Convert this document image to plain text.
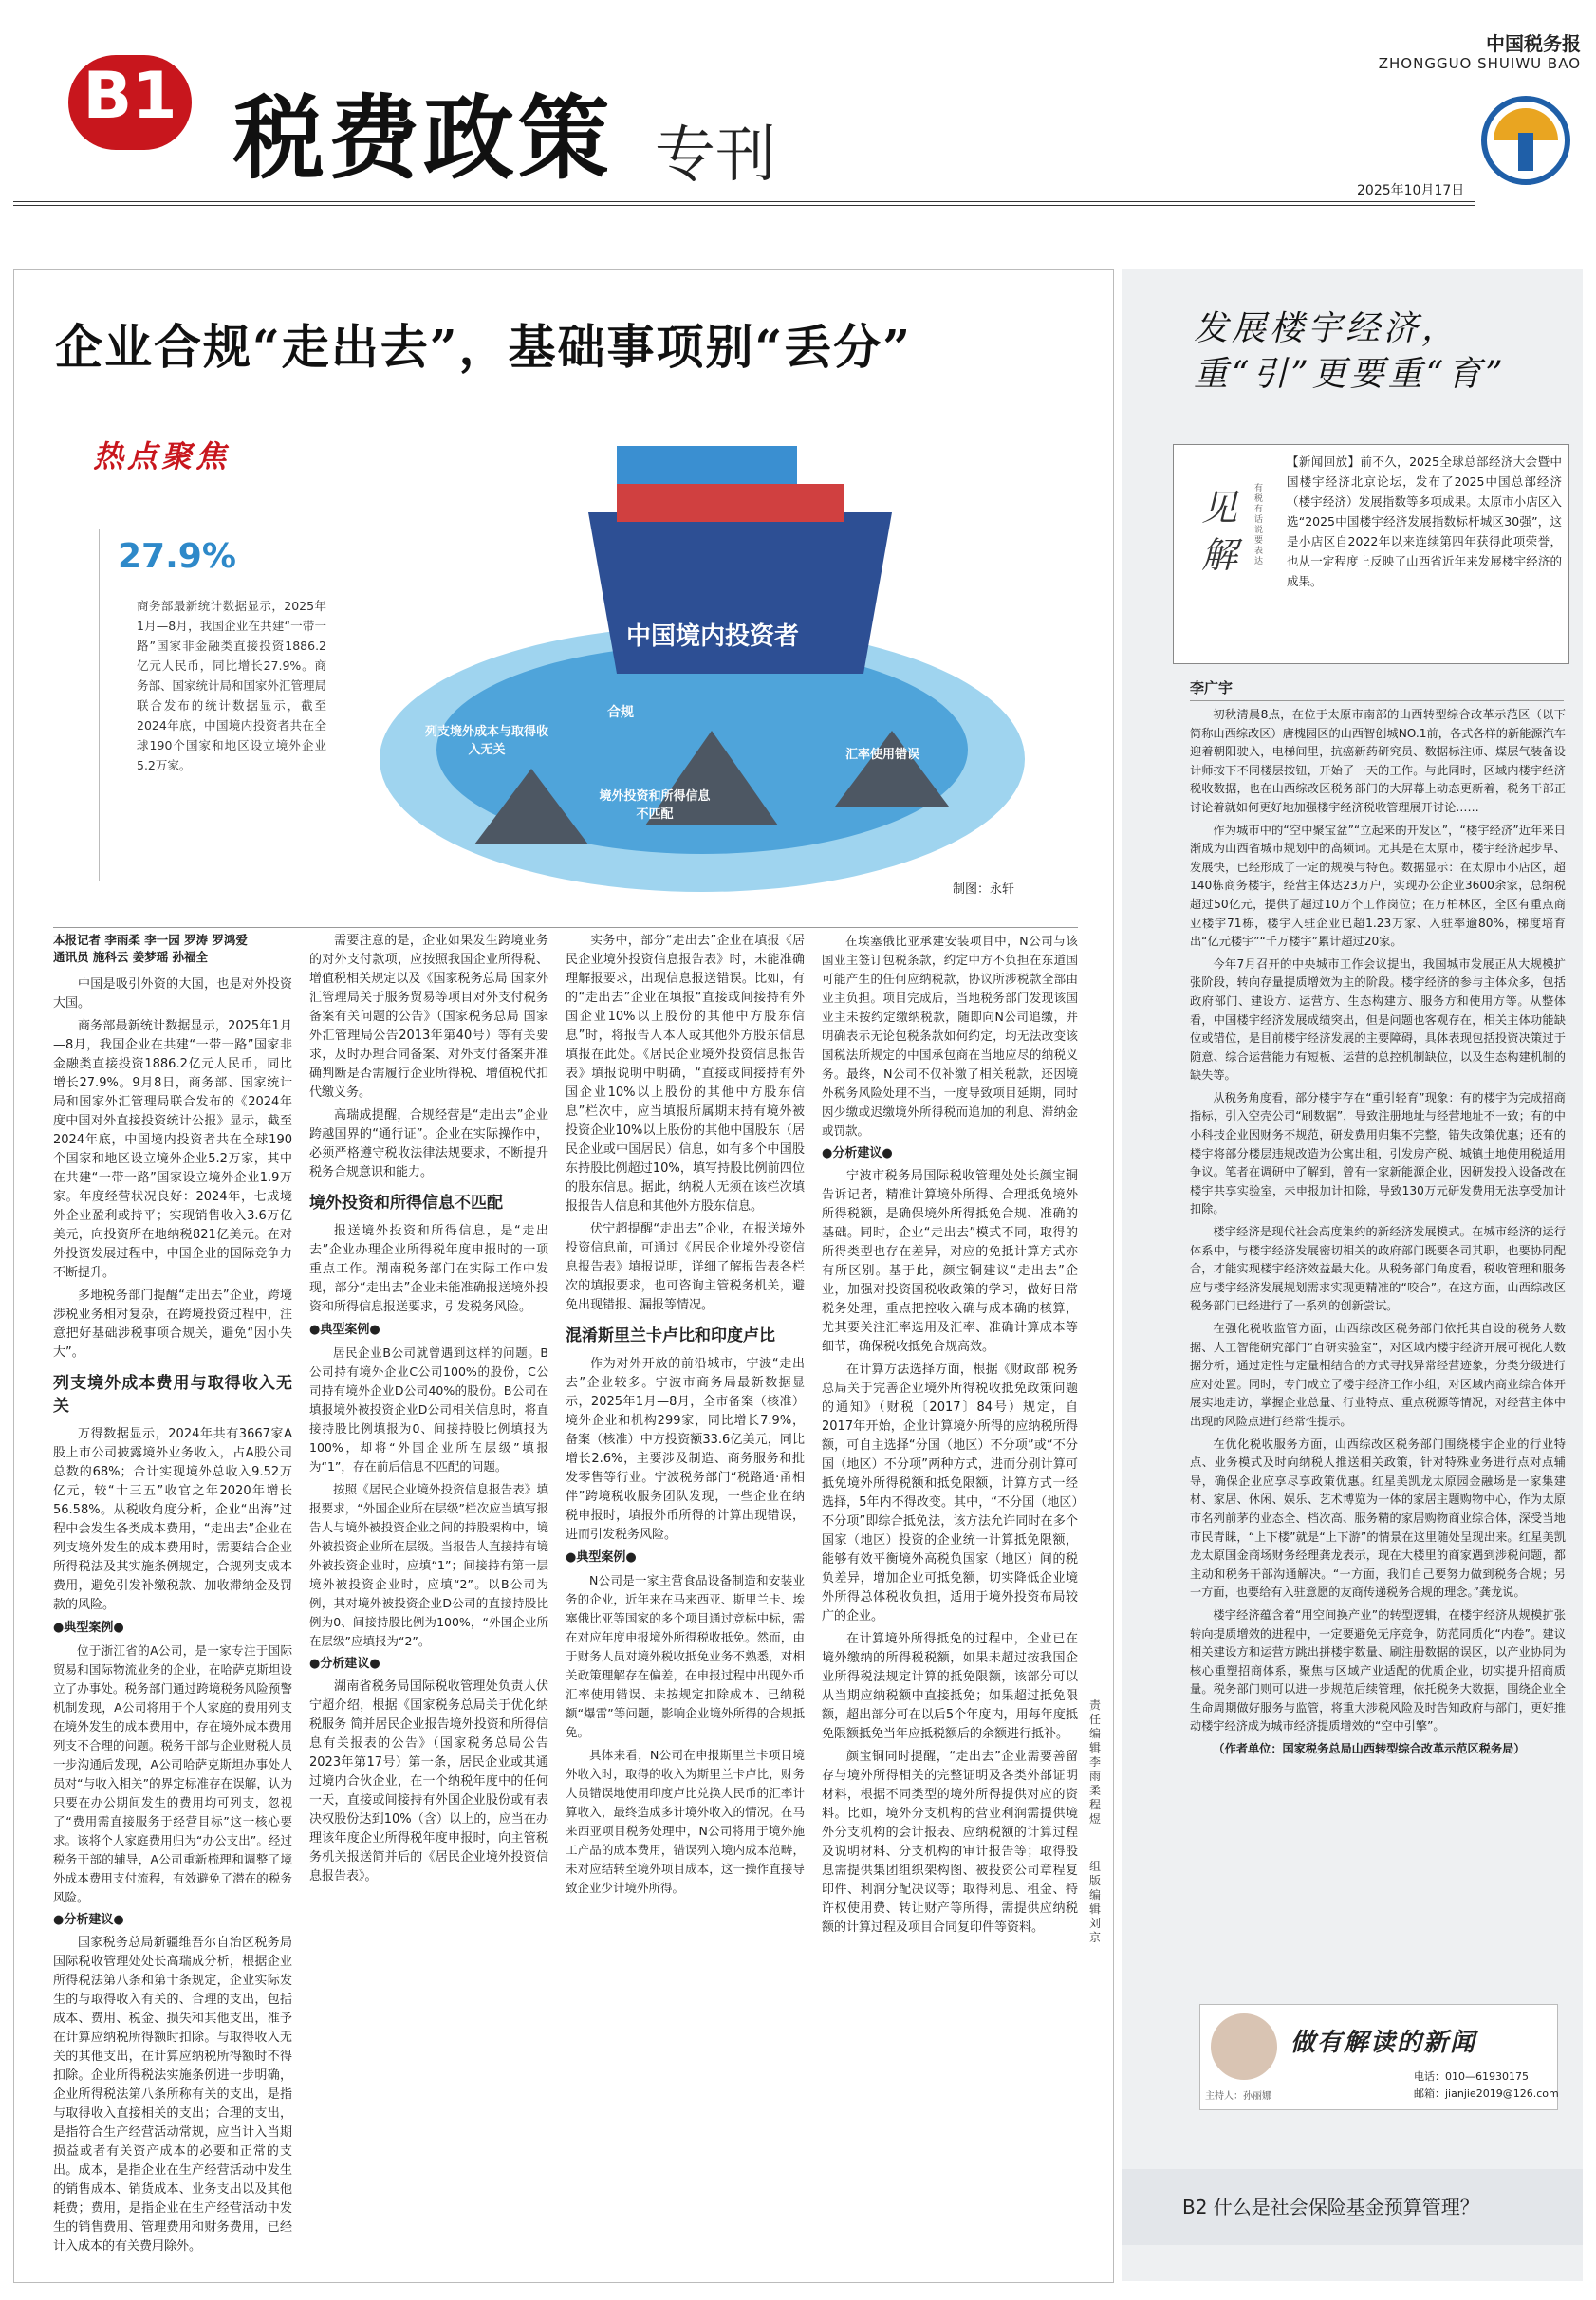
B1 税费政策 专刊
中国税务报
ZHONGGUO SHUIWU BAO
2025年10月17日
企业合规“走出去”，基础事项别“丢分”
热点聚焦
27.9%
商务部最新统计数据显示，2025年1月—8月，我国企业在共建“一带一路”国家非金融类直接投资1886.2亿元人民币，同比增长27.9%。商务部、国家统计局和国家外汇管理局联合发布的统计数据显示，截至2024年底，中国境内投资者共在全球190个国家和地区设立境外企业5.2万家。
中国境内投资者
列支境外成本与取得收入无关
境外投资和所得信息不匹配
汇率使用错误
合规
制图：永轩
本报记者 李雨柔 李一园 罗涛 罗鸿爱
通讯员 施科云 姜梦瑶 孙福全

中国是吸引外资的大国，也是对外投资大国。

商务部最新统计数据显示，2025年1月—8月，我国企业在共建“一带一路”国家非金融类直接投资1886.2亿元人民币，同比增长27.9%。9月8日，商务部、国家统计局和国家外汇管理局联合发布的《2024年度中国对外直接投资统计公报》显示，截至2024年底，中国境内投资者共在全球190个国家和地区设立境外企业5.2万家，其中在共建“一带一路”国家设立境外企业1.9万家。年度经营状况良好：2024年，七成境外企业盈利或持平；实现销售收入3.6万亿美元，向投资所在地纳税821亿美元。在对外投资发展过程中，中国企业的国际竞争力不断提升。

多地税务部门提醒“走出去”企业，跨境涉税业务相对复杂，在跨境投资过程中，注意把好基础涉税事项合规关，避免“因小失大”。

列支境外成本费用与取得收入无关

万得数据显示，2024年共有3667家A股上市公司披露境外业务收入，占A股公司总数的68%；合计实现境外总收入9.52万亿元，较“十三五”收官之年2020年增长56.58%。从税收角度分析，企业“出海”过程中会发生各类成本费用，“走出去”企业在列支境外发生的成本费用时，需要结合企业所得税法及其实施条例规定，合规列支成本费用，避免引发补缴税款、加收滞纳金及罚款的风险。

●典型案例●

位于浙江省的A公司，是一家专注于国际贸易和国际物流业务的企业，在哈萨克斯坦设立了办事处。税务部门通过跨境税务风险预警机制发现，A公司将用于个人家庭的费用列支在境外发生的成本费用中，存在境外成本费用列支不合理的问题。税务干部与企业财税人员一步沟通后发现，A公司哈萨克斯坦办事处人员对“与收入相关”的界定标准存在误解，认为只要在办公期间发生的费用均可列支，忽视了“费用需直接服务于经营目标”这一核心要求。该将个人家庭费用归为“办公支出”。经过税务干部的辅导，A公司重新梳理和调整了境外成本费用支付流程，有效避免了潜在的税务风险。

●分析建议●

国家税务总局新疆维吾尔自治区税务局国际税收管理处处长高瑞成分析，根据企业所得税法第八条和第十条规定，企业实际发生的与取得收入有关的、合理的支出，包括成本、费用、税金、损失和其他支出，准予在计算应纳税所得额时扣除。与取得收入无关的其他支出，在计算应纳税所得额时不得扣除。企业所得税法实施条例进一步明确，企业所得税法第八条所称有关的支出，是指与取得收入直接相关的支出；合理的支出，是指符合生产经营活动常规，应当计入当期损益或者有关资产成本的必要和正常的支出。成本，是指企业在生产经营活动中发生的销售成本、销货成本、业务支出以及其他耗费；费用，是指企业在生产经营活动中发生的销售费用、管理费用和财务费用，已经计入成本的有关费用除外。

需要注意的是，企业如果发生跨境业务的对外支付款项，应按照我国企业所得税、增值税相关规定以及《国家税务总局 国家外汇管理局关于服务贸易等项目对外支付税务备案有关问题的公告》（国家税务总局 国家外汇管理局公告2013年第40号）等有关要求，及时办理合同备案、对外支付备案并准确判断是否需履行企业所得税、增值税代扣代缴义务。

高瑞成提醒，合规经营是“走出去”企业跨越国界的“通行证”。企业在实际操作中，必须严格遵守税收法律法规要求，不断提升税务合规意识和能力。

境外投资和所得信息不匹配

报送境外投资和所得信息，是“走出去”企业办理企业所得税年度申报时的一项重点工作。湖南税务部门在实际工作中发现，部分“走出去”企业未能准确报送境外投资和所得信息报送要求，引发税务风险。

●典型案例●

居民企业B公司就曾遇到这样的问题。B公司持有境外企业C公司100%的股份，C公司持有境外企业D公司40%的股份。B公司在填报境外被投资企业D公司相关信息时，将直接持股比例填报为0、间接持股比例填报为100%，却将“外国企业所在层级”填报为“1”，存在前后信息不匹配的问题。

按照《居民企业境外投资信息报告表》填报要求，“外国企业所在层级”栏次应当填写报告人与境外被投资企业之间的持股架构中，境外被投资企业所在层级。当报告人直接持有境外被投资企业时，应填“1”；间接持有第一层境外被投资企业时，应填“2”。以B公司为例，其对境外被投资企业D公司的直接持股比例为0、间接持股比例为100%，“外国企业所在层级”应填报为“2”。

●分析建议●

湖南省税务局国际税收管理处负责人伏宁超介绍，根据《国家税务总局关于优化纳税服务 简并居民企业报告境外投资和所得信息有关报表的公告》（国家税务总局公告2023年第17号）第一条，居民企业或其通过境内合伙企业，在一个纳税年度中的任何一天，直接或间接持有外国企业股份或有表决权股份达到10%（含）以上的，应当在办理该年度企业所得税年度申报时，向主管税务机关报送简并后的《居民企业境外投资信息报告表》。

实务中，部分“走出去”企业在填报《居民企业境外投资信息报告表》时，未能准确理解报要求，出现信息报送错误。比如，有的“走出去”企业在填报“直接或间接持有外国企业10%以上股份的其他中方股东信息”时，将报告人本人或其他外方股东信息填报在此处。《居民企业境外投资信息报告表》填报说明中明确，“直接或间接持有外国企业10%以上股份的其他中方股东信息”栏次中，应当填报所属期末持有境外被投资企业10%以上股份的其他中国股东（居民企业或中国居民）信息，如有多个中国股东持股比例超过10%，填写持股比例前四位的股东信息。据此，纳税人无须在该栏次填报报告人信息和其他外方股东信息。

伏宁超提醒“走出去”企业，在报送境外投资信息前，可通过《居民企业境外投资信息报告表》填报说明，详细了解报告表各栏次的填报要求，也可咨询主管税务机关，避免出现错报、漏报等情况。

混淆斯里兰卡卢比和印度卢比

作为对外开放的前沿城市，宁波“走出去”企业较多。宁波市商务局最新数据显示，2025年1月—8月，全市备案（核准）境外企业和机构299家，同比增长7.9%，备案（核准）中方投资额33.6亿美元，同比增长2.6%，主要涉及制造、商务服务和批发零售等行业。宁波税务部门“税路通·甬相伴”跨境税收服务团队发现，一些企业在纳税申报时，填报外币所得的计算出现错误，进而引发税务风险。

●典型案例●

N公司是一家主营食品设备制造和安装业务的企业，近年来在马来西亚、斯里兰卡、埃塞俄比亚等国家的多个项目通过竞标中标，需在对应年度申报境外所得税收抵免。然而，由于财务人员对境外税收抵免业务不熟悉，对相关政策理解存在偏差，在申报过程中出现外币汇率使用错误、未按规定扣除成本、已纳税额“爆雷”等问题，影响企业境外所得的合规抵免。

具体来看，N公司在申报斯里兰卡项目境外收入时，取得的收入为斯里兰卡卢比，财务人员错误地使用印度卢比兑换人民币的汇率计算收入，最终造成多计境外收入的情况。在马来西亚项目税务处理中，N公司将用于境外施工产品的成本费用，错误列入境内成本范畴，未对应结转至境外项目成本，这一操作直接导致企业少计境外所得。

在埃塞俄比亚承建安装项目中，N公司与该国业主签订包税条款，约定中方不负担在东道国可能产生的任何应纳税款，协议所涉税款全部由业主负担。项目完成后，当地税务部门发现该国业主未按约定缴纳税款，随即向N公司追缴，并明确表示无论包税条款如何约定，均无法改变该国税法所规定的中国承包商在当地应尽的纳税义务。最终，N公司不仅补缴了相关税款，还因境外税务风险处理不当，一度导致项目延期，同时因少缴或迟缴境外所得税而追加的利息、滞纳金或罚款。

●分析建议●

宁波市税务局国际税收管理处处长颜宝铜告诉记者，精准计算境外所得、合理抵免境外所得税额，是确保境外所得抵免合规、准确的基础。同时，企业“走出去”模式不同，取得的所得类型也存在差异，对应的免抵计算方式亦有所区别。基于此，颜宝铜建议“走出去”企业，加强对投资国税收政策的学习，做好日常税务处理，重点把控收入确与成本确的核算，尤其要关注汇率选用及汇率、准确计算成本等细节，确保税收抵免合规高效。

在计算方法选择方面，根据《财政部 税务总局关于完善企业境外所得税收抵免政策问题的通知》（财税〔2017〕84号）规定，自2017年开始，企业计算境外所得的应纳税所得额，可自主选择“分国（地区）不分项”或“不分国（地区）不分项”两种方式，进而分别计算可抵免境外所得税额和抵免限额，计算方式一经选择，5年内不得改变。其中，“不分国（地区）不分项”即综合抵免法，该方法允许同时在多个国家（地区）投资的企业统一计算抵免限额，能够有效平衡境外高税负国家（地区）间的税负差异，增加企业可抵免额，切实降低企业境外所得总体税收负担，适用于境外投资布局较广的企业。

在计算境外所得抵免的过程中，企业已在境外缴纳的所得税税额，如果未超过按我国企业所得税法规定计算的抵免限额，该部分可以从当期应纳税额中直接抵免；如果超过抵免限额，超出部分可在以后5个年度内，用每年度抵免限额抵免当年应抵税额后的余额进行抵补。

颜宝铜同时提醒，“走出去”企业需要善留存与境外所得相关的完整证明及各类外部证明材料，根据不同类型的境外所得提供对应的资料。比如，境外分支机构的营业利润需提供境外分支机构的会计报表、应纳税额的计算过程及说明材料、分支机构的审计报告等；取得股息需提供集团组织架构图、被投资公司章程复印件、利润分配决议等；取得利息、租金、特许权使用费、转让财产等所得，需提供应纳税额的计算过程及项目合同复印件等资料。

发展楼宇经济，
重“引”更要重“育”
见解
有税有话说要表达
【新闻回放】前不久，2025全球总部经济大会暨中国楼宇经济北京论坛，发布了2025中国总部经济（楼宇经济）发展指数等多项成果。太原市小店区入选“2025中国楼宇经济发展指数标杆城区30强”，这是小店区自2022年以来连续第四年获得此项荣誉，也从一定程度上反映了山西省近年来发展楼宇经济的成果。
李广宇

初秋清晨8点，在位于太原市南部的山西转型综合改革示范区（以下简称山西综改区）唐槐园区的山西智创城NO.1前，各式各样的新能源汽车迎着朝阳驶入，电梯间里，抗癌新药研究员、数据标注师、煤层气装备设计师按下不同楼层按钮，开始了一天的工作。与此同时，区域内楼宇经济税收数据，也在山西综改区税务部门的大屏幕上动态更新着，税务干部正讨论着就如何更好地加强楼宇经济税收管理展开讨论……

作为城市中的“空中聚宝盆”“立起来的开发区”，“楼宇经济”近年来日渐成为山西省城市规划中的高频词。尤其是在太原市，楼宇经济起步早、发展快，已经形成了一定的规模与特色。数据显示：在太原市小店区，超140栋商务楼宇，经营主体达23万户，实现办公企业3600余家，总纳税超过50亿元，提供了超过10万个工作岗位；在万柏林区，全区有重点商业楼宇71栋，楼宇入驻企业已超1.23万家、入驻率逾80%，梯度培育出“亿元楼宇”“千万楼宇”累计超过20家。

今年7月召开的中央城市工作会议提出，我国城市发展正从大规模扩张阶段，转向存量提质增效为主的阶段。楼宇经济的参与主体众多，包括政府部门、建设方、运营方、生态构建方、服务方和使用方等。从整体看，中国楼宇经济发展成绩突出，但是问题也客观存在，相关主体功能缺位或错位，是目前楼宇经济发展的主要障碍，具体表现包括投资决策过于随意、综合运营能力有短板、运营的总控机制缺位，以及生态构建机制的缺失等。

从税务角度看，部分楼宇存在“重引轻育”现象：有的楼宇为完成招商指标，引入空壳公司“刷数据”，导致注册地址与经营地址不一致；有的中小科技企业因财务不规范，研发费用归集不完整，错失政策优惠；还有的楼宇将部分楼层违规改造为公寓出租，引发房产税、城镇土地使用税适用争议。笔者在调研中了解到，曾有一家新能源企业，因研发投入设备改在楼宇共享实验室，未申报加计扣除，导致130万元研发费用无法享受加计扣除。

楼宇经济是现代社会高度集约的新经济发展模式。在城市经济的运行体系中，与楼宇经济发展密切相关的政府部门既要各司其职，也要协同配合，才能实现楼宇经济效益最大化。从税务部门角度看，税收管理和服务应与楼宇经济发展规划需求实现更精准的“咬合”。在这方面，山西综改区税务部门已经进行了一系列的创新尝试。

在强化税收监管方面，山西综改区税务部门依托其自设的税务大数据、人工智能研究部门“自研实验室”，对区域内楼宇经济开展可视化大数据分析，通过定性与定量相结合的方式寻找异常经营迹象，分类分级进行应对处置。同时，专门成立了楼宇经济工作小组，对区域内商业综合体开展实地走访，掌握企业总量、行业特点、重点税源等情况，对经营主体中出现的风险点进行经常性提示。

在优化税收服务方面，山西综改区税务部门围绕楼宇企业的行业特点、业务模式及时向纳税人推送相关政策，针对特殊业务进行点对点辅导，确保企业应享尽享政策优惠。红星美凯龙太原园金融场是一家集建材、家居、休闲、娱乐、艺术博览为一体的家居主题购物中心，作为太原市名列前茅的业态全、档次高、服务精的家居购物商业综合体，深受当地市民青睐，“上下楼”就是“上下游”的情景在这里随处呈现出来。红星美凯龙太原国金商场财务经理龚龙表示，现在大楼里的商家遇到涉税问题，都主动和税务干部沟通解决。“一方面，我们自己要努力做到税务合规；另一方面，也要给有入驻意愿的友商传递税务合规的理念。”龚龙说。

楼宇经济蕴含着“用空间换产业”的转型逻辑，在楼宇经济从规模扩张转向提质增效的进程中，一定要避免无序竞争，防范同质化“内卷”。建议相关建设方和运营方跳出拼楼宇数量、刷注册数据的误区，以产业协同为核心重塑招商体系，聚焦与区域产业适配的优质企业，切实提升招商质量。税务部门则可以进一步规范后续管理，依托税务大数据，围绕企业全生命周期做好服务与监管，将重大涉税风险及时告知政府与部门，更好推动楼宇经济成为城市经济提质增效的“空中引擎”。

（作者单位：国家税务总局山西转型综合改革示范区税务局）

责任编辑 李雨柔 程煜
组版编辑 刘京
做有解读的新闻
主持人：孙丽娜
电话：010—61930175
邮箱：jianjie2019@126.com
B2 什么是社会保险基金预算管理？
